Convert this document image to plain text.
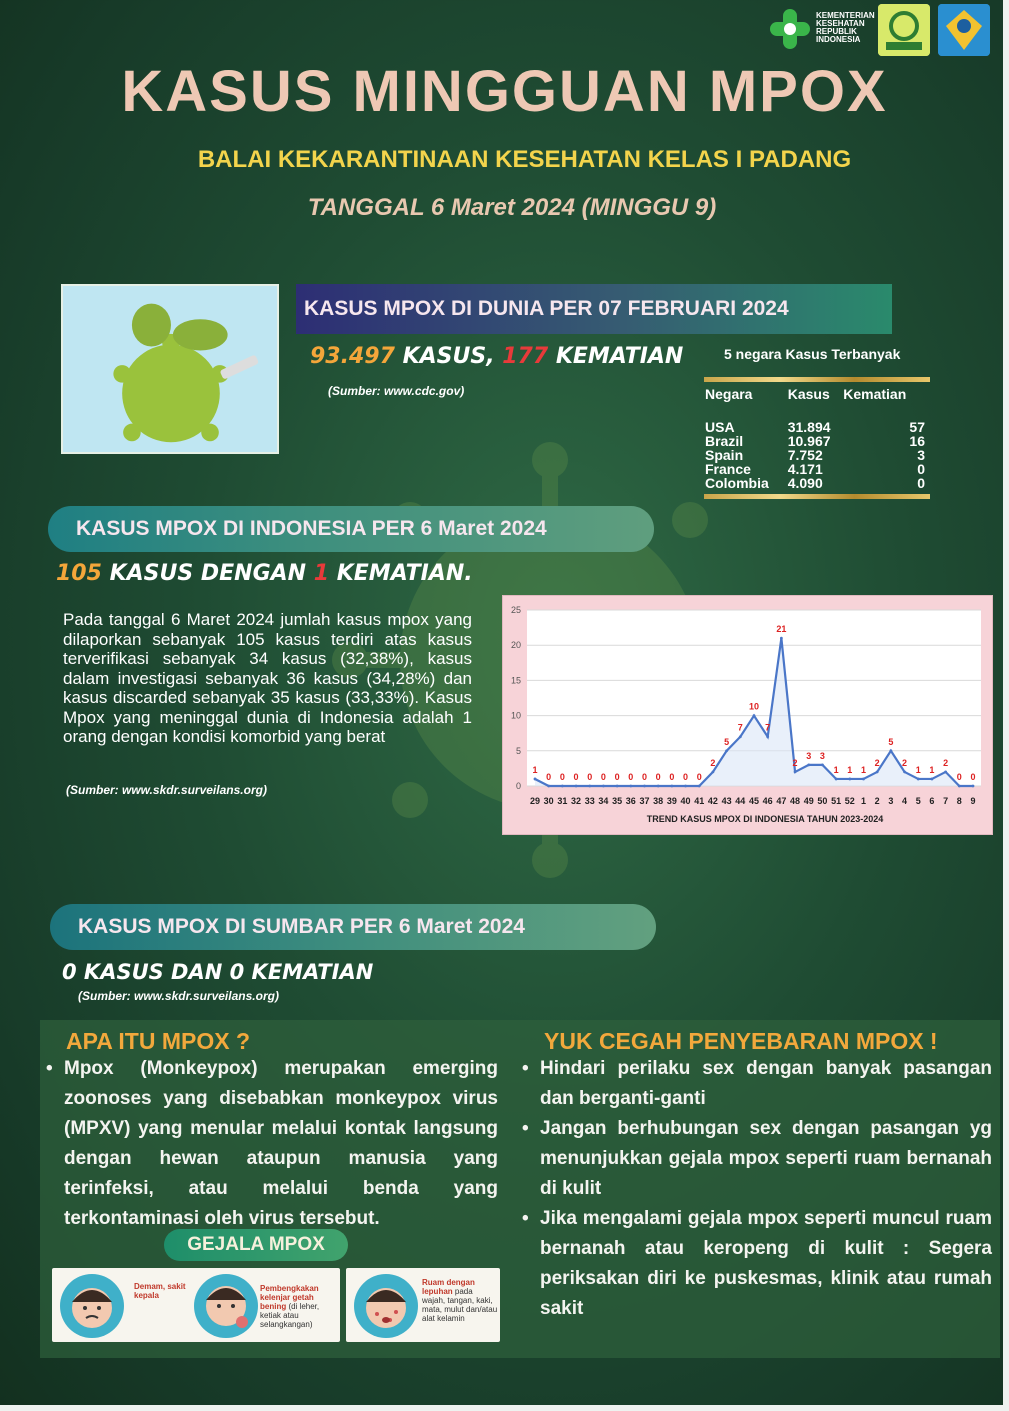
KEMENTERIAN KESEHATAN REPUBLIK INDONESIA
KASUS MINGGUAN MPOX
BALAI KEKARANTINAAN KESEHATAN KELAS I PADANG
TANGGAL 6 Maret 2024 (MINGGU 9)
KASUS MPOX DI DUNIA PER 07 FEBRUARI 2024
93.497 KASUS, 177 KEMATIAN
(Sumber: www.cdc.gov)
5 negara Kasus Terbanyak
Negara	Kasus	Kematian
USA	31.894	57
Brazil	10.967	16
Spain	7.752	3
France	4.171	0
Colombia	4.090	0
KASUS MPOX DI INDONESIA PER 6 Maret 2024
105 KASUS DENGAN 1 KEMATIAN.
Pada tanggal 6 Maret 2024 jumlah kasus mpox yang dilaporkan sebanyak 105 kasus terdiri atas kasus terverifikasi sebanyak 34 kasus (32,38%), kasus dalam investigasi sebanyak 36 kasus (34,28%) dan kasus discarded sebanyak 35 kasus (33,33%). Kasus Mpox yang meninggal dunia di Indonesia adalah 1 orang dengan kondisi komorbid yang berat
(Sumber: www.skdr.surveilans.org)	0
5
10
15
20
25
1
0 0 0 0 0 0 0 0 0 0 0 0
2
5
7
10
7
21
2
3 3
1 1 1
2
5
2
1 1
2
0 0
29 30 31 32 33 34 35 36 37 38 39 40 41 42 43 44 45 46 47 48 49 50 51 52 1 2 3 4 5 6 7 8 9
TREND KASUS MPOX DI INDONESIA TAHUN 2023-2024
KASUS MPOX DI SUMBAR PER 6 Maret 2024
0 KASUS DAN 0 KEMATIAN
(Sumber: www.skdr.surveilans.org)
APA ITU MPOX ?
• Mpox (Monkeypox) merupakan emerging zoonoses yang disebabkan monkeypox virus (MPXV) yang menular melalui kontak langsung dengan hewan ataupun manusia yang terinfeksi, atau melalui benda yang terkontaminasi oleh virus tersebut.
GEJALA MPOX
Demam, sakit kepala
Pembengkakan kelenjar getah bening (di leher, ketiak atau selangkangan)
Ruam dengan lepuhan pada wajah, tangan, kaki, mata, mulut dan/atau alat kelamin
YUK CEGAH PENYEBARAN MPOX !
• Hindari perilaku sex dengan banyak pasangan dan berganti-ganti
• Jangan berhubungan sex dengan pasangan yg menunjukkan gejala mpox seperti ruam bernanah di kulit
• Jika mengalami gejala mpox seperti muncul ruam bernanah atau keropeng di kulit : Segera periksakan diri ke puskesmas, klinik atau rumah sakit
